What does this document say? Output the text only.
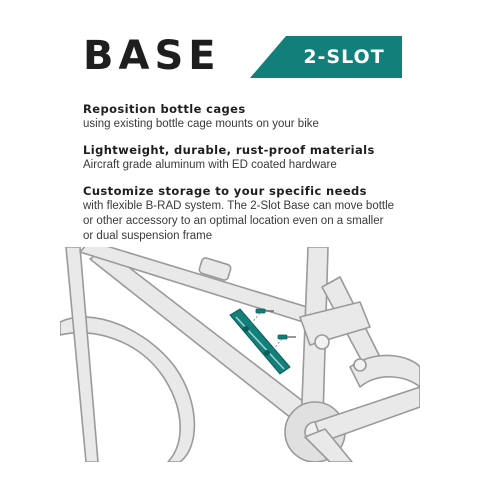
BASE	2-SLOT
Reposition bottle cages
using existing bottle cage mounts on your bike
Lightweight, durable, rust-proof materials
Aircraft grade aluminum with ED coated hardware
Customize storage to your specific needs
with flexible B-RAD system. The 2-Slot Base can move bottle
or other accessory to an optimal location even on a smaller
or dual suspension frame
